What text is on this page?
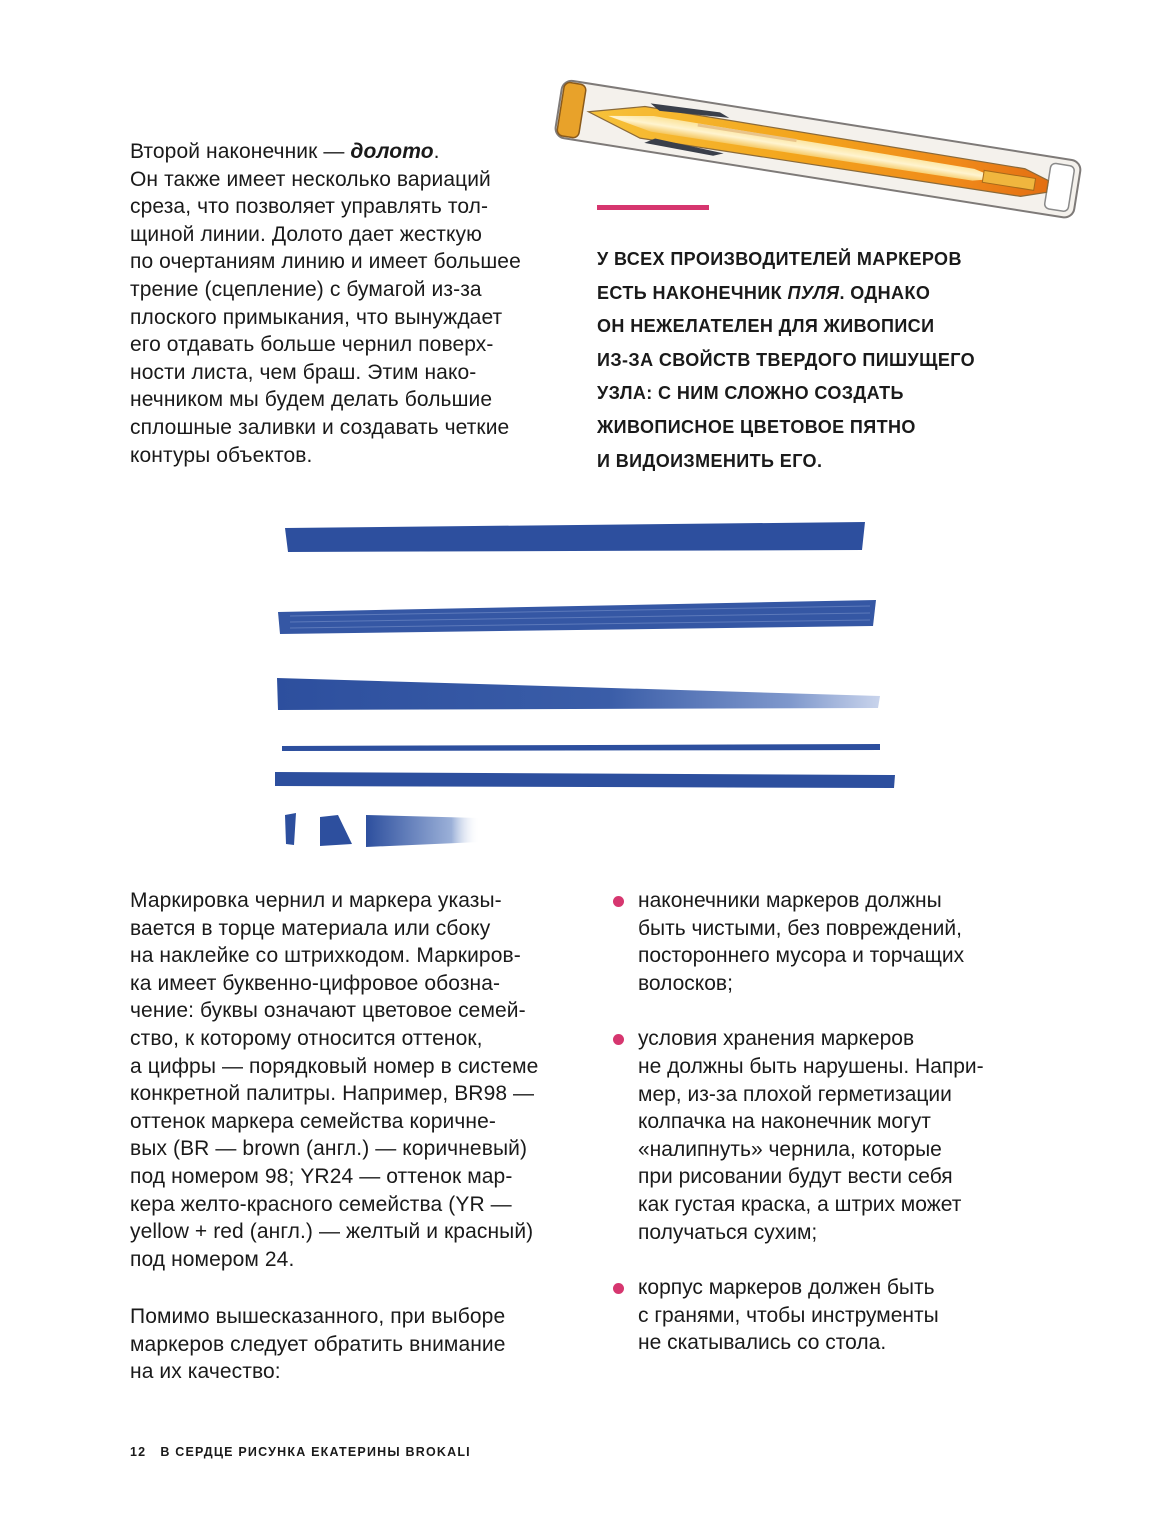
Второй наконечник — долото.
Он также имеет несколько вариаций
среза, что позволяет управлять тол-
щиной линии. Долото дает жесткую
по очертаниям линию и имеет большее
трение (сцепление) с бумагой из-за
плоского примыкания, что вынуждает
его отдавать больше чернил поверх-
ности листа, чем браш. Этим нако-
нечником мы будем делать большие
сплошные заливки и создавать четкие
контуры объектов.
У ВСЕХ ПРОИЗВОДИТЕЛЕЙ МАРКЕРОВ
ЕСТЬ НАКОНЕЧНИК ПУЛЯ. ОДНАКО
ОН НЕЖЕЛАТЕЛЕН ДЛЯ ЖИВОПИСИ
ИЗ-ЗА СВОЙСТВ ТВЕРДОГО ПИШУЩЕГО
УЗЛА: С НИМ СЛОЖНО СОЗДАТЬ
ЖИВОПИСНОЕ ЦВЕТОВОЕ ПЯТНО
И ВИДОИЗМЕНИТЬ ЕГО.
Маркировка чернил и маркера указы-
вается в торце материала или сбоку
на наклейке со штрихкодом. Маркиров-
ка имеет буквенно-цифровое обозна-
чение: буквы означают цветовое семей-
ство, к которому относится оттенок,
а цифры — порядковый номер в системе
конкретной палитры. Например, BR98 —
оттенок маркера семейства коричне-
вых (BR — brown (англ.) — коричневый)
под номером 98; YR24 — оттенок мар-
кера желто-красного семейства (YR —
yellow + red (англ.) — желтый и красный)
под номером 24.
Помимо вышесказанного, при выборе
маркеров следует обратить внимание
на их качество:
наконечники маркеров должны
быть чистыми, без повреждений,
постороннего мусора и торчащих
волосков;
условия хранения маркеров
не должны быть нарушены. Напри-
мер, из-за плохой герметизации
колпачка на наконечник могут
«налипнуть» чернила, которые
при рисовании будут вести себя
как густая краска, а штрих может
получаться сухим;
корпус маркеров должен быть
с гранями, чтобы инструменты
не скатывались со стола.
12 В СЕРДЦЕ РИСУНКА ЕКАТЕРИНЫ BROKALI
